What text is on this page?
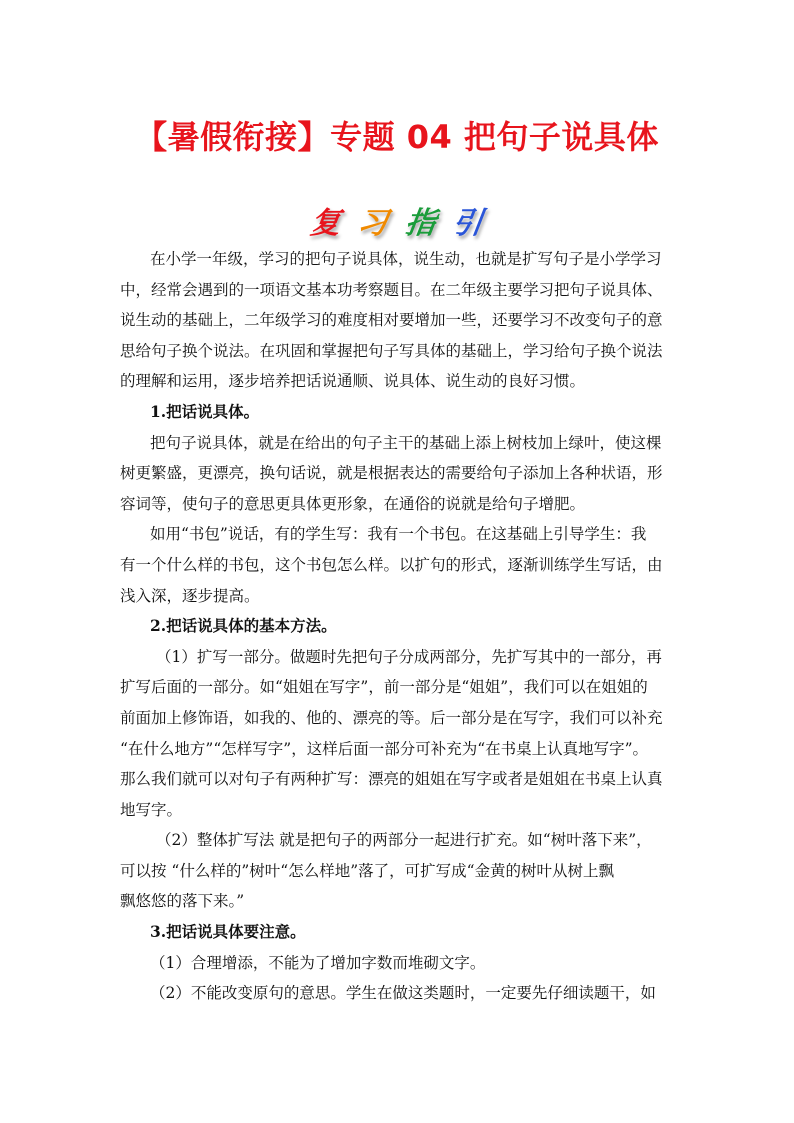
【暑假衔接】专题 04 把句子说具体
复 习 指 引
在小学一年级，学习的把句子说具体，说生动，也就是扩写句子是小学学习
中，经常会遇到的一项语文基本功考察题目。在二年级主要学习把句子说具体、
说生动的基础上，二年级学习的难度相对要增加一些，还要学习不改变句子的意
思给句子换个说法。在巩固和掌握把句子写具体的基础上，学习给句子换个说法
的理解和运用，逐步培养把话说通顺、说具体、说生动的良好习惯。
1.把话说具体。
把句子说具体，就是在给出的句子主干的基础上添上树枝加上绿叶，使这棵
树更繁盛，更漂亮，换句话说，就是根据表达的需要给句子添加上各种状语，形
容词等，使句子的意思更具体更形象，在通俗的说就是给句子增肥。
如用“书包”说话，有的学生写：我有一个书包。在这基础上引导学生：我
有一个什么样的书包，这个书包怎么样。以扩句的形式，逐渐训练学生写话，由
浅入深，逐步提高。
2.把话说具体的基本方法。
（1）扩写一部分。做题时先把句子分成两部分，先扩写其中的一部分，再
扩写后面的一部分。如“姐姐在写字”，前一部分是“姐姐”，我们可以在姐姐的
前面加上修饰语，如我的、他的、漂亮的等。后一部分是在写字，我们可以补充
“在什么地方”“怎样写字”，这样后面一部分可补充为“在书桌上认真地写字”。
那么我们就可以对句子有两种扩写：漂亮的姐姐在写字或者是姐姐在书桌上认真
地写字。
（2）整体扩写法 就是把句子的两部分一起进行扩充。如“树叶落下来”，
可以按 “什么样的”树叶“怎么样地”落了，可扩写成“金黄的树叶从树上飘
飘悠悠的落下来。”
3.把话说具体要注意。
（1）合理增添，不能为了增加字数而堆砌文字。
（2）不能改变原句的意思。学生在做这类题时，一定要先仔细读题干，如
